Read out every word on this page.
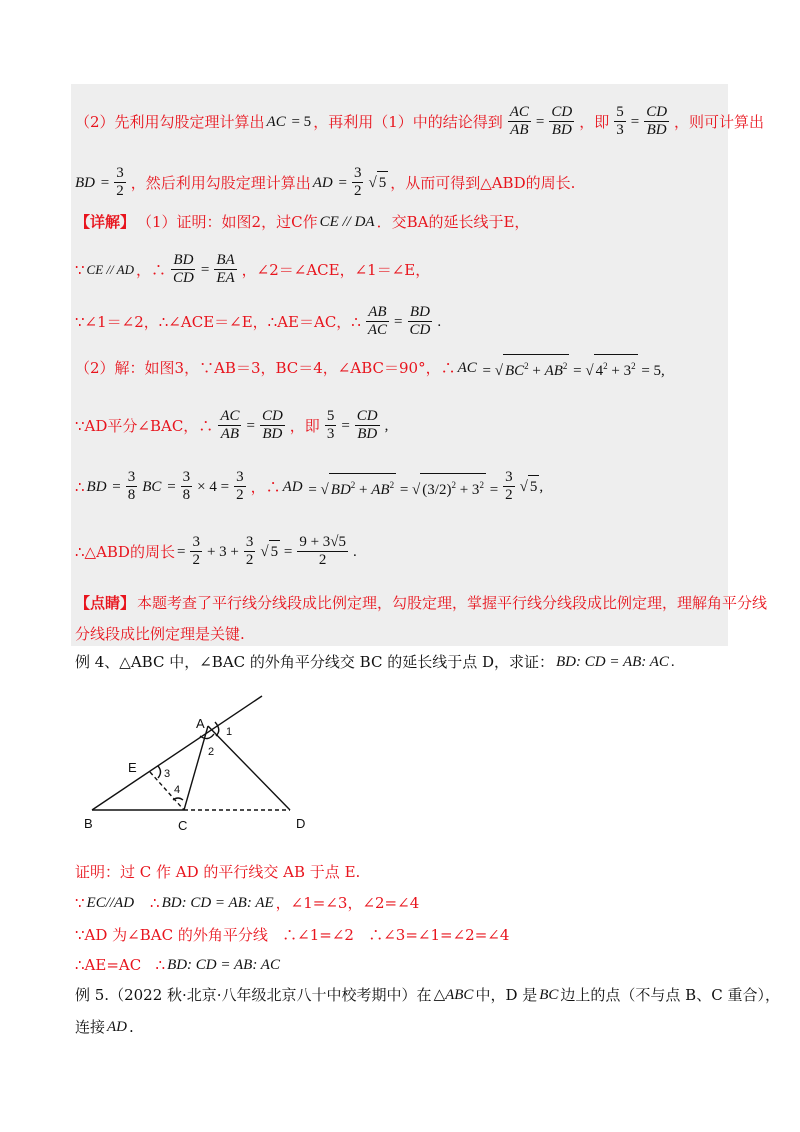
（2）先利用勾股定理计算出 AC = 5 ，再利用（1）中的结论得到 $\frac{AC}{AB} = \frac{CD}{BD}$ ，即 $\frac{5}{3} = \frac{CD}{BD}$ ，则可计算出
BD = $\frac{3}{2}$ ，然后利用勾股定理计算出 AD = $\frac{3}{2}$ √ 5 ，从而可得到△ABD的周长.
【详解】 （1）证明：如图2，过C作 CE // DA ．交BA的延长线于E，
∵ CE // AD ，∴ $\frac{BD}{CD} = \frac{BA}{EA}$ ，∠2＝∠ACE，∠1＝∠E，
∵∠1＝∠2，∴∠ACE＝∠E，∴AE＝AC，∴ $\frac{AB}{AC} = \frac{BD}{CD}$ .
（2）解：如图3，∵AB＝3，BC＝4，∠ABC＝90°，∴ AC = √ $BC^2 + AB^2$ = √ $4^2 + 3^2 = 5$,
∵AD平分∠BAC，∴ $\frac{AC}{AB} = \frac{CD}{BD}$ ，即 $\frac{5}{3} = \frac{CD}{BD}$ ,
∴ BD = $\frac{3}{8}$ BC = $\frac{3}{8} \times 4 = \frac{3}{2}$ ，∴ AD = √ $BD^2 + AB^2$ = √ $(3/2)^2 + 3^2 = \frac{3}{2}$ √ 5 ,
∴△ABD的周长 = $\frac{3}{2} + 3 + \frac{3}{2}$ √ $5 = \frac{9 + 3√5}{2}$ .
【点睛】 本题考查了平行线分线段成比例定理，勾股定理，掌握平行线分线段成比例定理，理解角平分线
分线段成比例定理是关键.
例 4、△ABC 中，∠BAC 的外角平分线交 BC 的延长线于点 D，求证： BD: CD = AB: AC .
A
B	C	D
E
1
2
3
4
证明：过 C 作 AD 的平行线交 AB 于点 E.
∵ EC//AD ∴ BD: CD = AB: AE ，∠1=∠3，∠2=∠4
∵AD 为∠BAC 的外角平分线   ∴∠1=∠2   ∴∠3=∠1=∠2=∠4
∴AE=AC   ∴ BD: CD = AB: AC
例 5.（2022 秋·北京·八年级北京八十中校考期中）在 △ABC 中，D 是 BC 边上的点（不与点 B、C 重合），
连接 AD .
